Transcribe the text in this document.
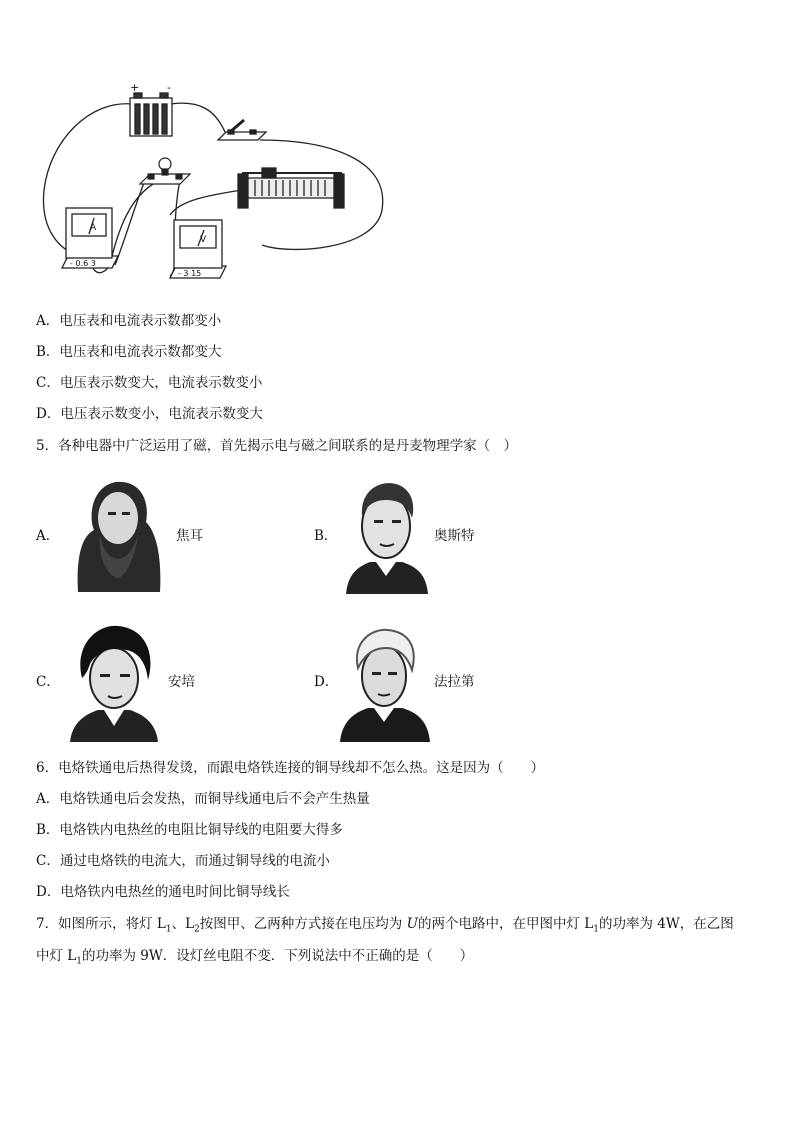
+	-
A
- 0.6 3
V
- 3 15
A．电压表和电流表示数都变小
B．电压表和电流表示数都变大
C．电压表示数变大，电流表示数变小
D．电压表示数变小，电流表示数变大
5．各种电器中广泛运用了磁，首先揭示电与磁之间联系的是丹麦物理学家（　）
A．	焦耳	B．	奥斯特
C．	安培	D．	法拉第
6．电烙铁通电后热得发烫，而跟电烙铁连接的铜导线却不怎么热。这是因为（　　）
A．电烙铁通电后会发热，而铜导线通电后不会产生热量
B．电烙铁内电热丝的电阻比铜导线的电阻要大得多
C．通过电烙铁的电流大，而通过铜导线的电流小
D．电烙铁内电热丝的通电时间比铜导线长
7．如图所示，将灯 $L_1$、$L_2$按图甲、乙两种方式接在电压均为 U的两个电路中，在甲图中灯 $L_1$的功率为 4W，在乙图
中灯 $L_1$的功率为 9W．设灯丝电阻不变．下列说法中不正确的是（　　）
